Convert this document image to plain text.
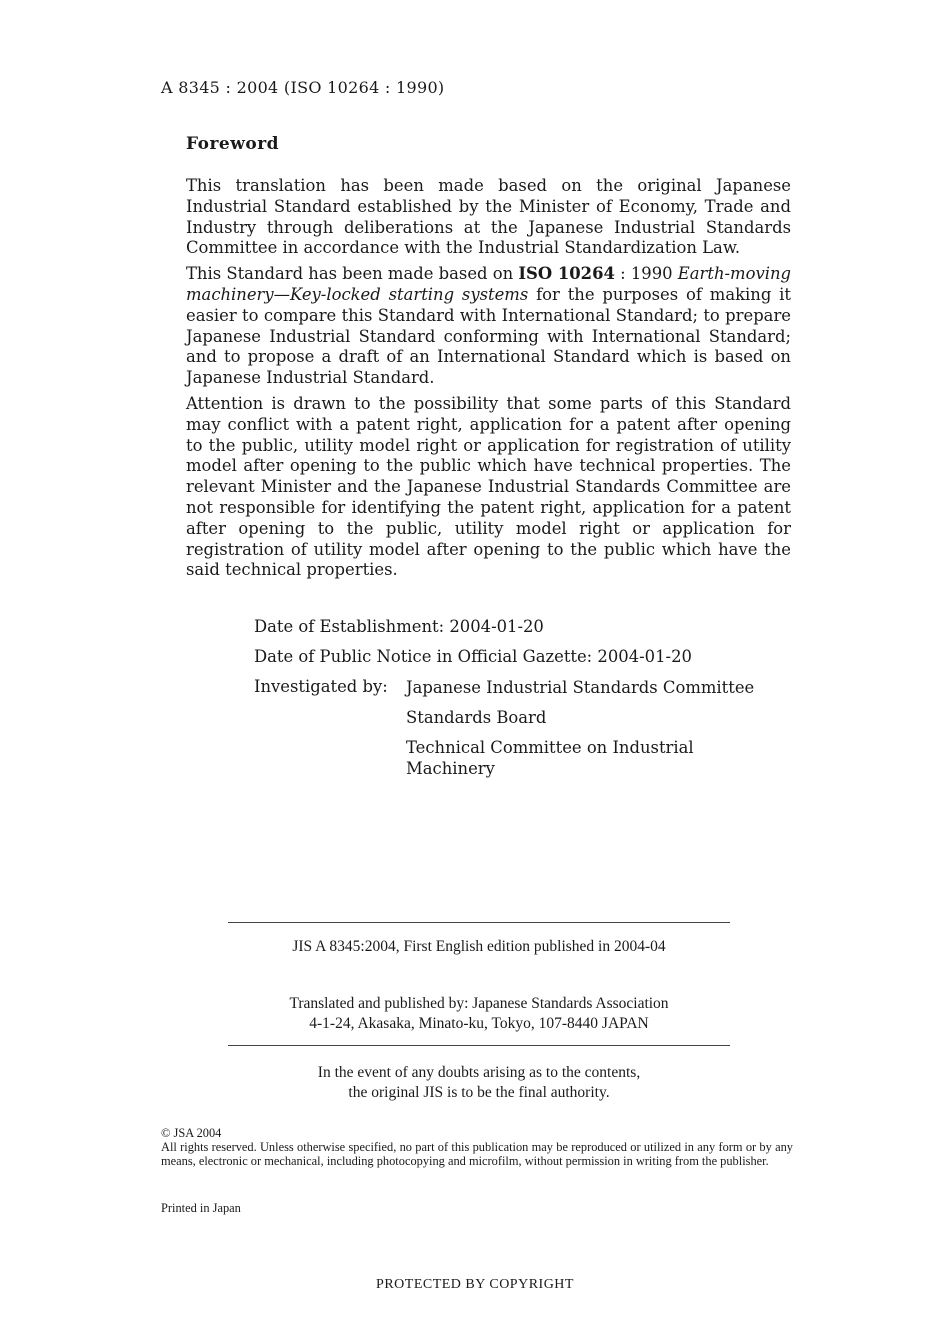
A 8345 : 2004 (ISO 10264 : 1990)
Foreword

This translation has been made based on the original Japanese Industrial Standard established by the Minister of Economy, Trade and Industry through deliberations at the Japanese Industrial Standards Committee in accordance with the Industrial Standardization Law.

This Standard has been made based on ISO 10264 : 1990 Earth-moving machinery—Key-locked starting systems for the purposes of making it easier to compare this Standard with International Standard; to prepare Japanese Industrial Standard conforming with International Standard; and to propose a draft of an International Standard which is based on Japanese Industrial Standard.

Attention is drawn to the possibility that some parts of this Standard may conflict with a patent right, application for a patent after opening to the public, utility model right or application for registration of utility model after opening to the public which have technical properties. The relevant Minister and the Japanese Industrial Standards Committee are not responsible for identifying the patent right, application for a patent after opening to the public, utility model right or application for registration of utility model after opening to the public which have the said technical properties.

Date of Establishment: 2004-01-20
Date of Public Notice in Official Gazette: 2004-01-20
Investigated by: Japanese Industrial Standards Committee
Standards Board
Technical Committee on Industrial Machinery
JIS A 8345:2004, First English edition published in 2004-04
Translated and published by: Japanese Standards Association
4-1-24, Akasaka, Minato-ku, Tokyo, 107-8440 JAPAN
In the event of any doubts arising as to the contents,
the original JIS is to be the final authority.
© JSA 2004
All rights reserved. Unless otherwise specified, no part of this publication may be reproduced or utilized in any form or by any means, electronic or mechanical, including photocopying and microfilm, without permission in writing from the publisher.
Printed in Japan
PROTECTED BY COPYRIGHT
